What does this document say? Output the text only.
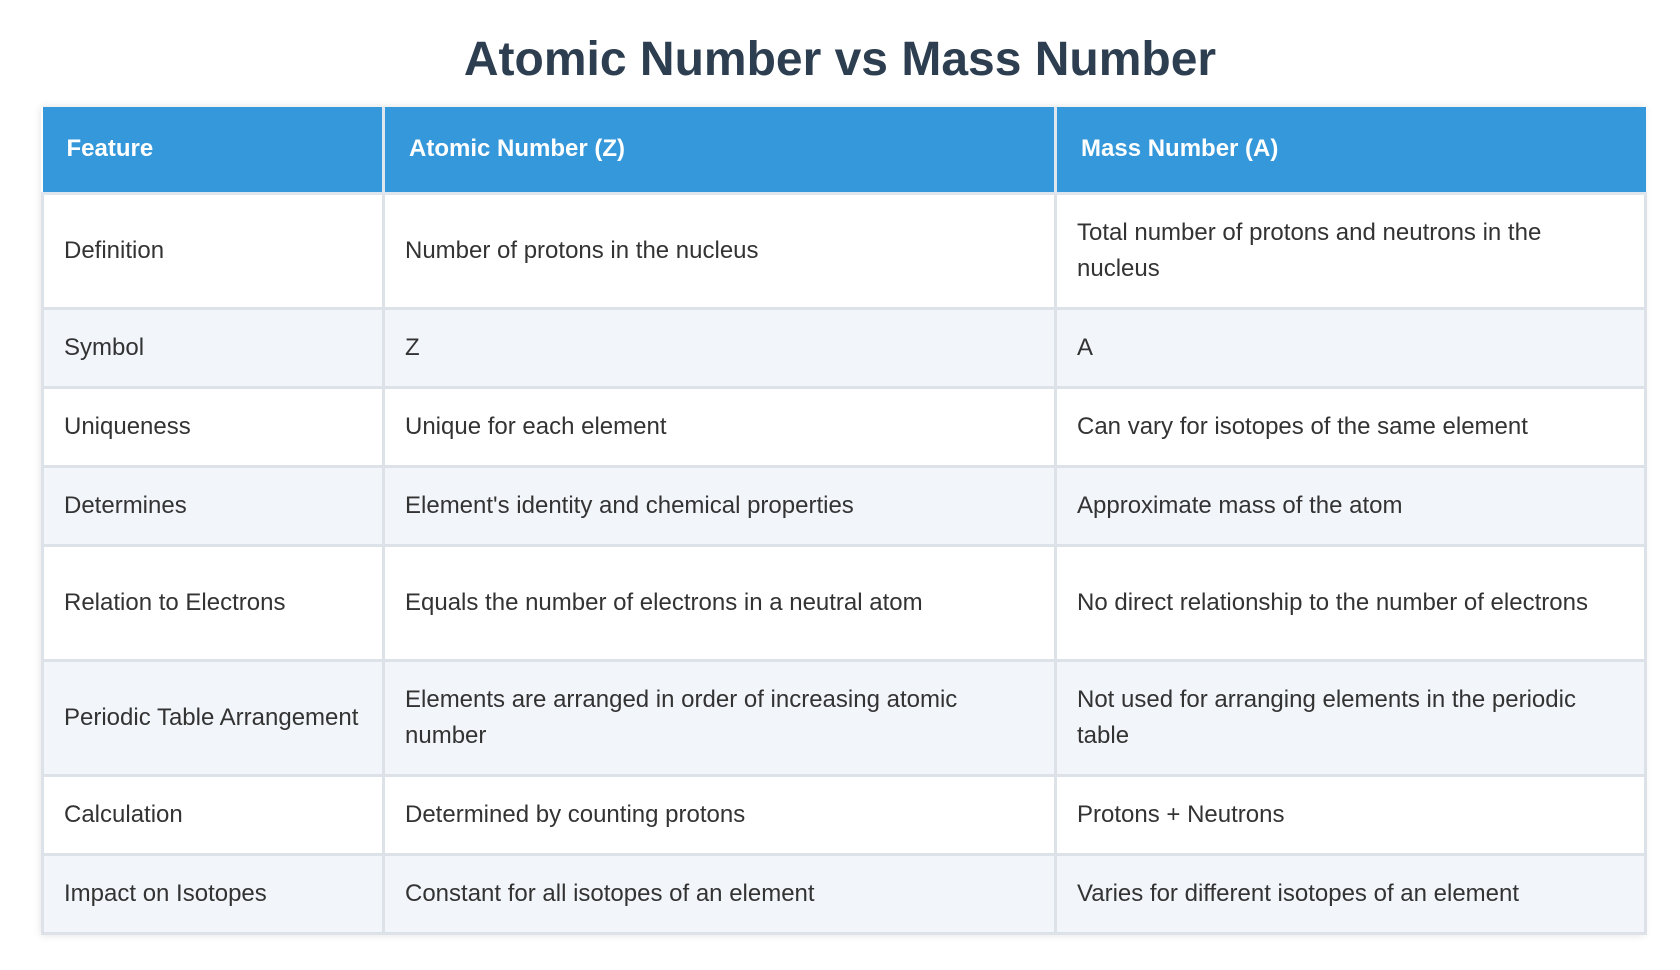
Atomic Number vs Mass Number
Feature	Atomic Number (Z)	Mass Number (A)
Definition	Number of protons in the nucleus	Total number of protons and neutrons in the nucleus
Symbol	Z	A
Uniqueness	Unique for each element	Can vary for isotopes of the same element
Determines	Element's identity and chemical properties	Approximate mass of the atom
Relation to Electrons	Equals the number of electrons in a neutral atom	No direct relationship to the number of electrons
Periodic Table Arrangement	Elements are arranged in order of increasing atomic number	Not used for arranging elements in the periodic table
Calculation	Determined by counting protons	Protons + Neutrons
Impact on Isotopes	Constant for all isotopes of an element	Varies for different isotopes of an element
